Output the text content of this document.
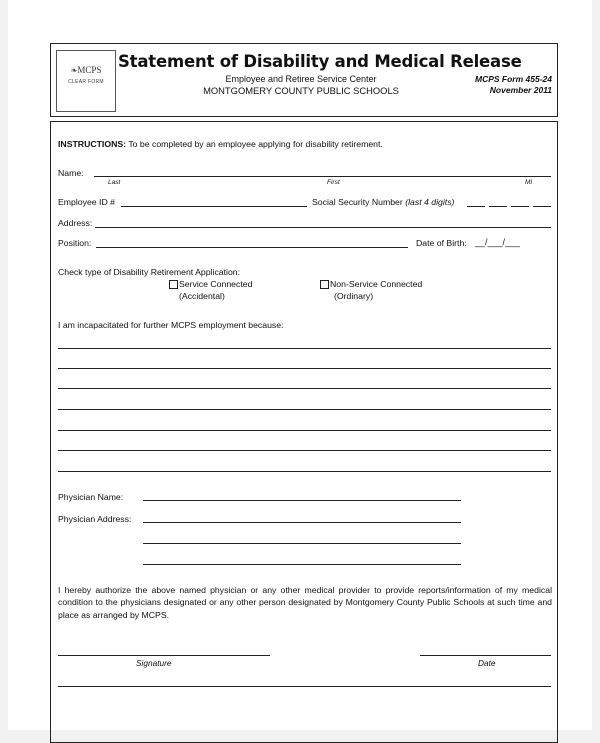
❧MCPS
CLEAR FORM
Statement of Disability and Medical Release
Employee and Retiree Service Center
MONTGOMERY COUNTY PUBLIC SCHOOLS
MCPS Form 455-24
November 2011
INSTRUCTIONS: To be completed by an employee applying for disability retirement.
Name:
Last	First	MI
Employee ID #	Social Security Number (last 4 digits)
Address:
Position:	Date of Birth: __/___/___
Check type of Disability Retirement Application:
Service Connected
(Accidental)
Non-Service Connected
(Ordinary)
I am incapacitated for further MCPS employment because:
Physician Name:
Physician Address:
I hereby authorize the above named physician or any other medical provider to provide reports/information of my medical condition to the physicians designated or any other person designated by Montgomery County Public Schools at such time and place as arranged by MCPS.
Signature	Date
